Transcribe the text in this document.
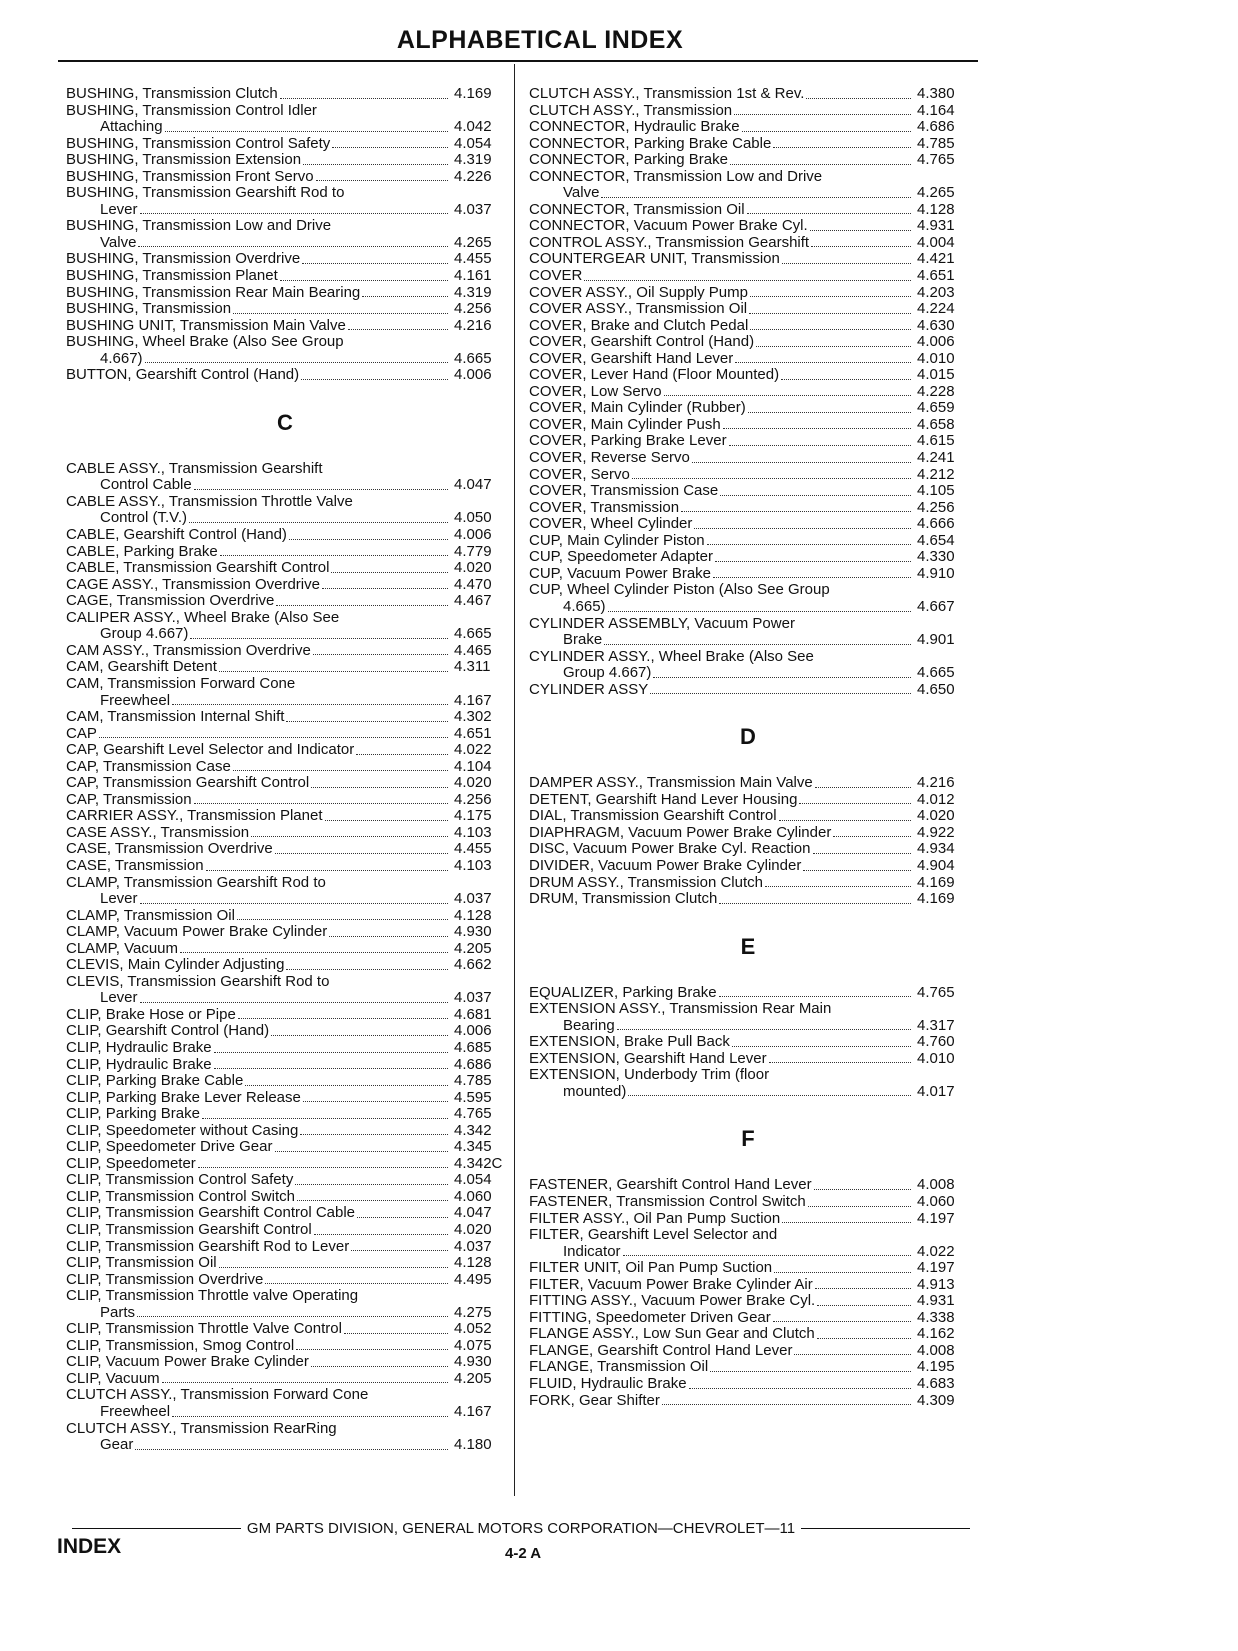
ALPHABETICAL INDEX
BUSHING, Transmission Clutch	4.169
BUSHING, Transmission Control Idler
Attaching	4.042
BUSHING, Transmission Control Safety	4.054
BUSHING, Transmission Extension	4.319
BUSHING, Transmission Front Servo	4.226
BUSHING, Transmission Gearshift Rod to
Lever	4.037
BUSHING, Transmission Low and Drive
Valve	4.265
BUSHING, Transmission Overdrive	4.455
BUSHING, Transmission Planet	4.161
BUSHING, Transmission Rear Main Bearing	4.319
BUSHING, Transmission	4.256
BUSHING UNIT, Transmission Main Valve	4.216
BUSHING, Wheel Brake (Also See Group
4.667)	4.665
BUTTON, Gearshift Control (Hand)	4.006
C
CABLE ASSY., Transmission Gearshift
Control Cable	4.047
CABLE ASSY., Transmission Throttle Valve
Control (T.V.)	4.050
CABLE, Gearshift Control (Hand)	4.006
CABLE, Parking Brake	4.779
CABLE, Transmission Gearshift Control	4.020
CAGE ASSY., Transmission Overdrive	4.470
CAGE, Transmission Overdrive	4.467
CALIPER ASSY., Wheel Brake (Also See
Group 4.667)	4.665
CAM ASSY., Transmission Overdrive	4.465
CAM, Gearshift Detent	4.311
CAM, Transmission Forward Cone
Freewheel	4.167
CAM, Transmission Internal Shift	4.302
CAP	4.651
CAP, Gearshift Level Selector and Indicator	4.022
CAP, Transmission Case	4.104
CAP, Transmission Gearshift Control	4.020
CAP, Transmission	4.256
CARRIER ASSY., Transmission Planet	4.175
CASE ASSY., Transmission	4.103
CASE, Transmission Overdrive	4.455
CASE, Transmission	4.103
CLAMP, Transmission Gearshift Rod to
Lever	4.037
CLAMP, Transmission Oil	4.128
CLAMP, Vacuum Power Brake Cylinder	4.930
CLAMP, Vacuum	4.205
CLEVIS, Main Cylinder Adjusting	4.662
CLEVIS, Transmission Gearshift Rod to
Lever	4.037
CLIP, Brake Hose or Pipe	4.681
CLIP, Gearshift Control (Hand)	4.006
CLIP, Hydraulic Brake	4.685
CLIP, Hydraulic Brake	4.686
CLIP, Parking Brake Cable	4.785
CLIP, Parking Brake Lever Release	4.595
CLIP, Parking Brake	4.765
CLIP, Speedometer without Casing	4.342
CLIP, Speedometer Drive Gear	4.345
CLIP, Speedometer	4.342C
CLIP, Transmission Control Safety	4.054
CLIP, Transmission Control Switch	4.060
CLIP, Transmission Gearshift Control Cable	4.047
CLIP, Transmission Gearshift Control	4.020
CLIP, Transmission Gearshift Rod to Lever	4.037
CLIP, Transmission Oil	4.128
CLIP, Transmission Overdrive	4.495
CLIP, Transmission Throttle valve Operating
Parts	4.275
CLIP, Transmission Throttle Valve Control	4.052
CLIP, Transmission, Smog Control	4.075
CLIP, Vacuum Power Brake Cylinder	4.930
CLIP, Vacuum	4.205
CLUTCH ASSY., Transmission Forward Cone
Freewheel	4.167
CLUTCH ASSY., Transmission RearRing
Gear	4.180
CLUTCH ASSY., Transmission 1st & Rev.	4.380
CLUTCH ASSY., Transmission	4.164
CONNECTOR, Hydraulic Brake	4.686
CONNECTOR, Parking Brake Cable	4.785
CONNECTOR, Parking Brake	4.765
CONNECTOR, Transmission Low and Drive
Valve	4.265
CONNECTOR, Transmission Oil	4.128
CONNECTOR, Vacuum Power Brake Cyl.	4.931
CONTROL ASSY., Transmission Gearshift	4.004
COUNTERGEAR UNIT, Transmission	4.421
COVER	4.651
COVER ASSY., Oil Supply Pump	4.203
COVER ASSY., Transmission Oil	4.224
COVER, Brake and Clutch Pedal	4.630
COVER, Gearshift Control (Hand)	4.006
COVER, Gearshift Hand Lever	4.010
COVER, Lever Hand (Floor Mounted)	4.015
COVER, Low Servo	4.228
COVER, Main Cylinder (Rubber)	4.659
COVER, Main Cylinder Push	4.658
COVER, Parking Brake Lever	4.615
COVER, Reverse Servo	4.241
COVER, Servo	4.212
COVER, Transmission Case	4.105
COVER, Transmission	4.256
COVER, Wheel Cylinder	4.666
CUP, Main Cylinder Piston	4.654
CUP, Speedometer Adapter	4.330
CUP, Vacuum Power Brake	4.910
CUP, Wheel Cylinder Piston (Also See Group
4.665)	4.667
CYLINDER ASSEMBLY, Vacuum Power
Brake	4.901
CYLINDER ASSY., Wheel Brake (Also See
Group 4.667)	4.665
CYLINDER ASSY	4.650
D
DAMPER ASSY., Transmission Main Valve	4.216
DETENT, Gearshift Hand Lever Housing	4.012
DIAL, Transmission Gearshift Control	4.020
DIAPHRAGM, Vacuum Power Brake Cylinder	4.922
DISC, Vacuum Power Brake Cyl. Reaction	4.934
DIVIDER, Vacuum Power Brake Cylinder	4.904
DRUM ASSY., Transmission Clutch	4.169
DRUM, Transmission Clutch	4.169
E
EQUALIZER, Parking Brake	4.765
EXTENSION ASSY., Transmission Rear Main
Bearing	4.317
EXTENSION, Brake Pull Back	4.760
EXTENSION, Gearshift Hand Lever	4.010
EXTENSION, Underbody Trim (floor
mounted)	4.017
F
FASTENER, Gearshift Control Hand Lever	4.008
FASTENER, Transmission Control Switch	4.060
FILTER ASSY., Oil Pan Pump Suction	4.197
FILTER, Gearshift Level Selector and
Indicator	4.022
FILTER UNIT, Oil Pan Pump Suction	4.197
FILTER, Vacuum Power Brake Cylinder Air	4.913
FITTING ASSY., Vacuum Power Brake Cyl.	4.931
FITTING, Speedometer Driven Gear	4.338
FLANGE ASSY., Low Sun Gear and Clutch	4.162
FLANGE, Gearshift Control Hand Lever	4.008
FLANGE, Transmission Oil	4.195
FLUID, Hydraulic Brake	4.683
FORK, Gear Shifter	4.309
GM PARTS DIVISION, GENERAL MOTORS CORPORATION—CHEVROLET—11
INDEX	4-2 A
